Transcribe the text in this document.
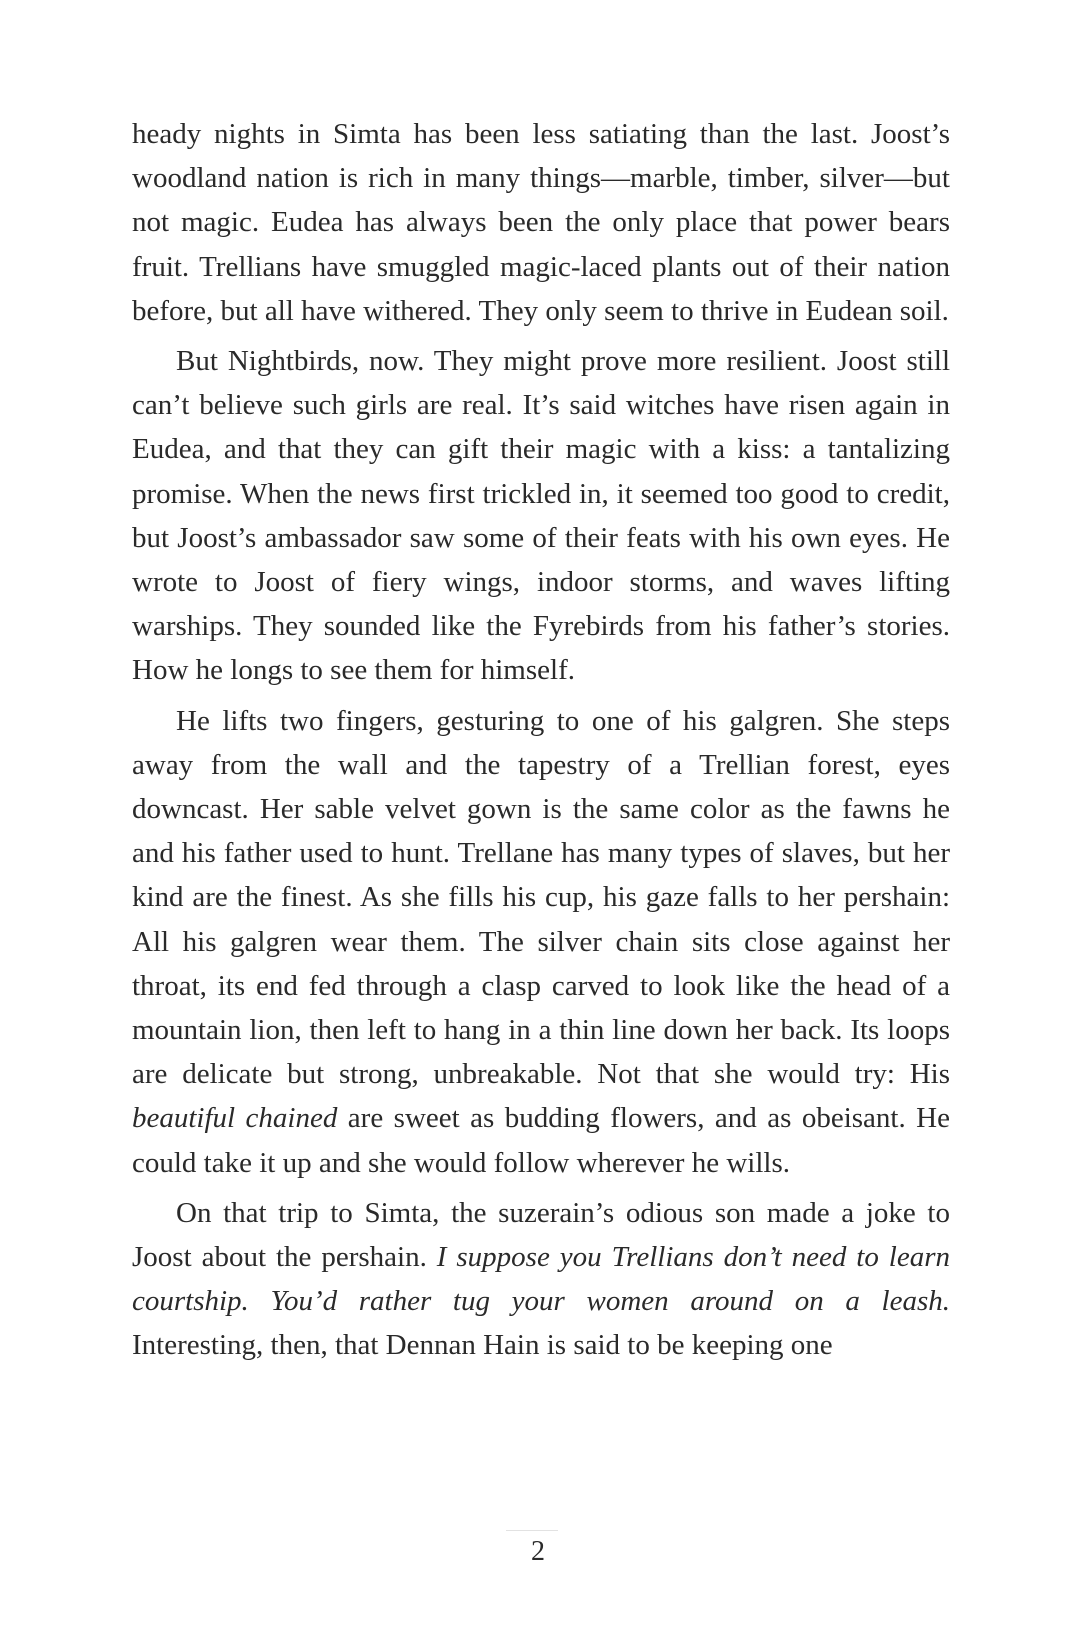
heady nights in Simta has been less satiating than the last. Joost’s woodland nation is rich in many things—marble, timber, silver—but not magic. Eudea has always been the only place that power bears fruit. Trellians have smuggled magic-laced plants out of their nation before, but all have withered. They only seem to thrive in Eudean soil.

But Nightbirds, now. They might prove more resilient. Joost still can’t believe such girls are real. It’s said witches have risen again in Eudea, and that they can gift their magic with a kiss: a tantalizing promise. When the news first trickled in, it seemed too good to credit, but Joost’s ambassador saw some of their feats with his own eyes. He wrote to Joost of fiery wings, indoor storms, and waves lifting warships. They sounded like the Fyrebirds from his father’s stories. How he longs to see them for himself.

He lifts two fingers, gesturing to one of his galgren. She steps away from the wall and the tapestry of a Trellian forest, eyes downcast. Her sable velvet gown is the same color as the fawns he and his father used to hunt. Trellane has many types of slaves, but her kind are the finest. As she fills his cup, his gaze falls to her pershain: All his galgren wear them. The silver chain sits close against her throat, its end fed through a clasp carved to look like the head of a mountain lion, then left to hang in a thin line down her back. Its loops are delicate but strong, unbreakable. Not that she would try: His beautiful chained are sweet as budding flowers, and as obeisant. He could take it up and she would follow wherever he wills.

On that trip to Simta, the suzerain’s odious son made a joke to Joost about the pershain. I suppose you Trellians don’t need to learn courtship. You’d rather tug your women around on a leash. Interesting, then, that Dennan Hain is said to be keeping one

2
